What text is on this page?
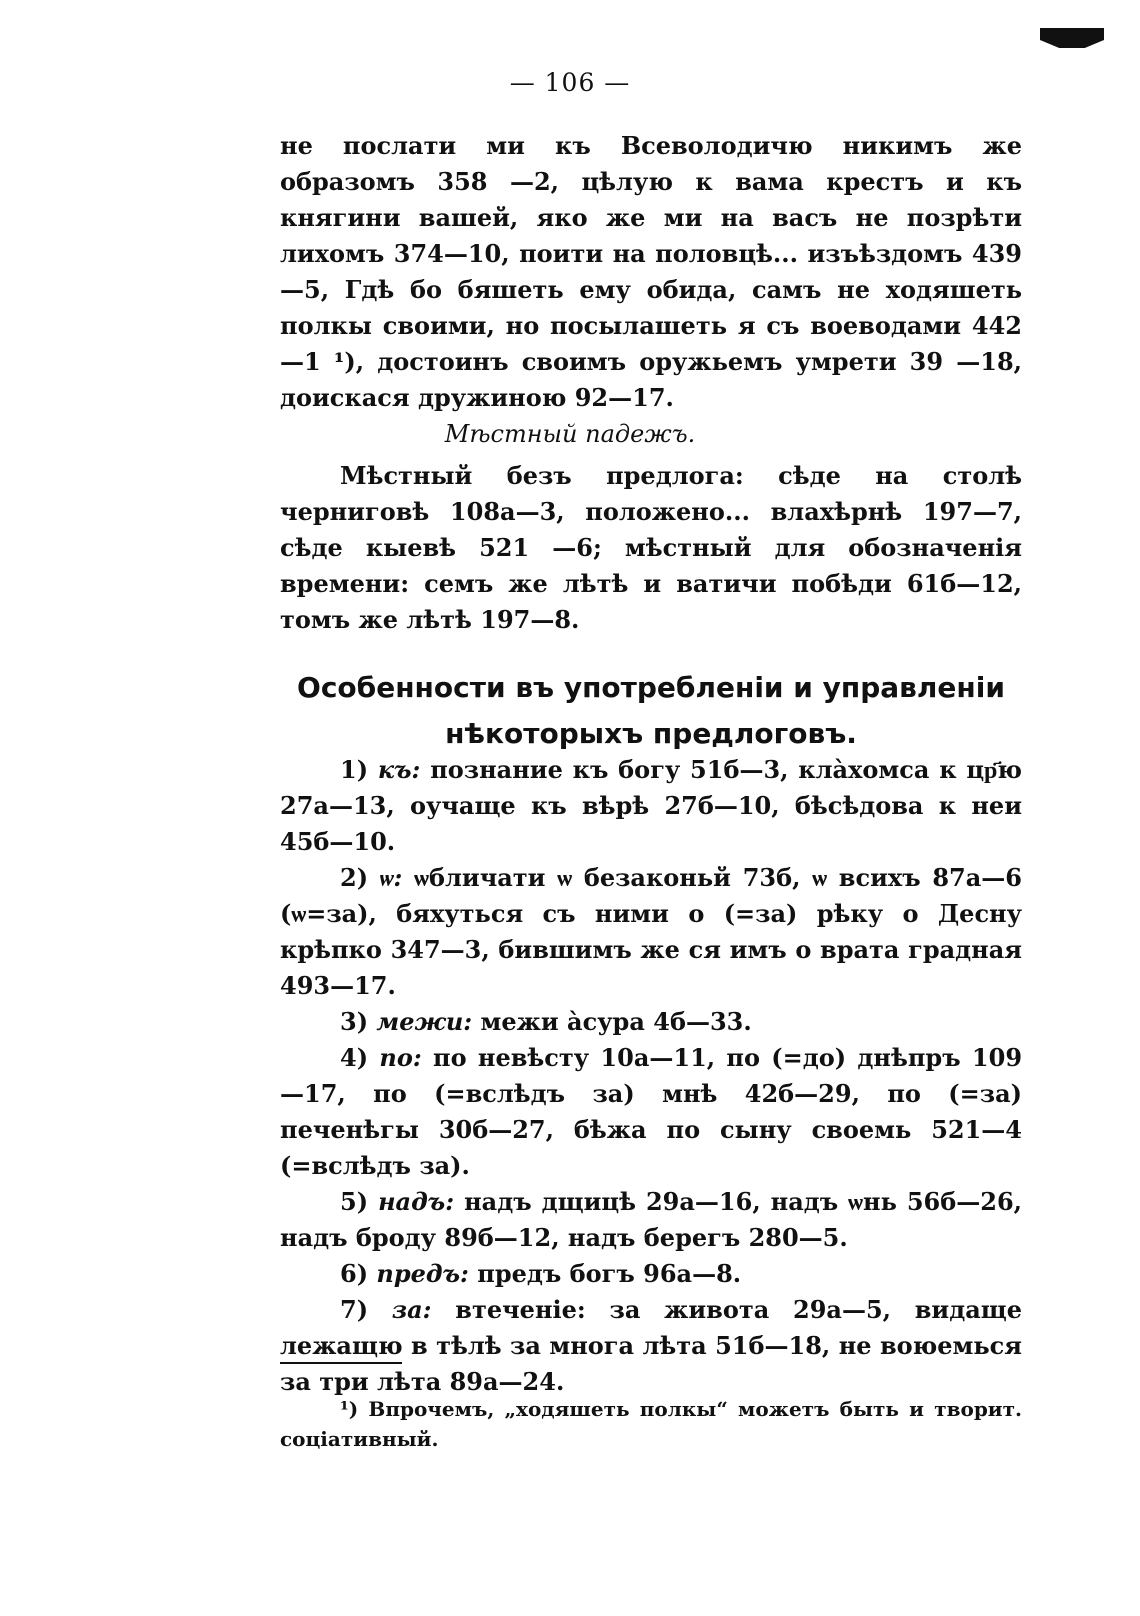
— 106 —

не послати ми къ Всеволодичю никимъ же образомъ 358 —2, цѣлую к вама крестъ и къ княгини вашей, яко же ми на васъ не позрѣти лихомъ 374—10, поити на половцѣ... изъѣздомъ 439—5, Гдѣ бо бяшеть ему обида, самъ не ходяшеть полкы своими, но посылашеть я съ воеводами 442—1 ¹), достоинъ своимъ оружьемъ умрети 39 —18, доискася дружиною 92—17.

Мѣстный падежъ.

Мѣстный безъ предлога: сѣде на столѣ черниговѣ 108а—3, положено... влахѣрнѣ 197—7, сѣде кыевѣ 521 —6; мѣстный для обозначенія времени: семъ же лѣтѣ и ватичи побѣди 61б—12, томъ же лѣтѣ 197—8.

Особенности въ употребленіи и управленіи
нѣкоторыхъ предлоговъ.

1) къ: познание къ богу 51б—3, кла̀хомса к цр҃ю 27а—13, оучаще къ вѣрѣ 27б—10, бѣсѣдова к неи 45б—10.

2) ѡ: ѡбличати ѡ безаконьй 73б, ѡ всихъ 87а—6 (ѡ=за), бяхуться съ ними о (=за) рѣку о Десну крѣпко 347—3, бившимъ же ся имъ о врата градная 493—17.

3) межи: межи а̀сура 4б—33.

4) по: по невѣсту 10а—11, по (=до) днѣпръ 109 —17, по (=вслѣдъ за) мнѣ 42б—29, по (=за) печенѣгы 30б—27, бѣжа по сыну своемь 521—4 (=вслѣдъ за).

5) надъ: надъ дщицѣ 29а—16, надъ ѡнь 56б—26, надъ броду 89б—12, надъ берегъ 280—5.

6) предъ: предъ богъ 96а—8.

7) за: втеченіе: за живота 29а—5, видаще лежащю в тѣлѣ за многа лѣта 51б—18, не воюемься за три лѣта 89а—24.

¹) Впрочемъ, „ходяшеть полкы“ можетъ быть и творит. соціативный.
